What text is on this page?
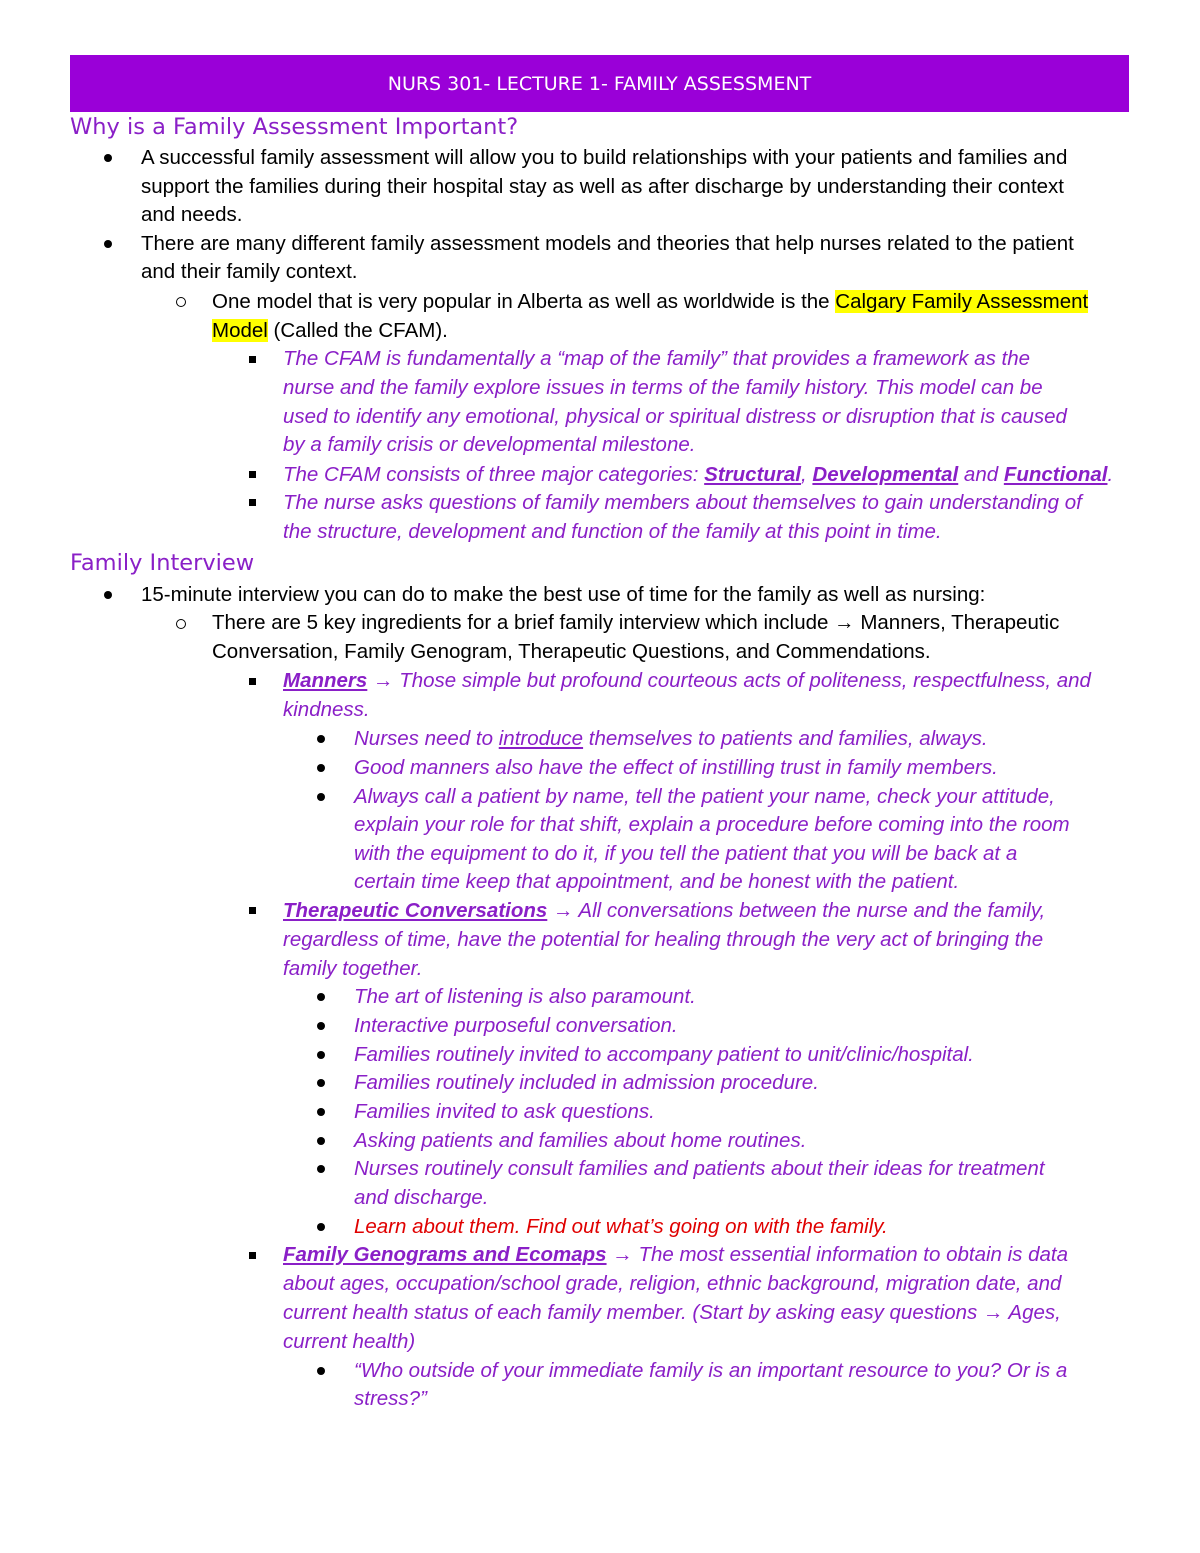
NURS 301- LECTURE 1- FAMILY ASSESSMENT
Why is a Family Assessment Important?
A successful family assessment will allow you to build relationships with your patients and families and
support the families during their hospital stay as well as after discharge by understanding their context
and needs.
There are many different family assessment models and theories that help nurses related to the patient
and their family context.
One model that is very popular in Alberta as well as worldwide is the Calgary Family Assessment
Model (Called the CFAM).
The CFAM is fundamentally a “map of the family” that provides a framework as the
nurse and the family explore issues in terms of the family history. This model can be
used to identify any emotional, physical or spiritual distress or disruption that is caused
by a family crisis or developmental milestone.
The CFAM consists of three major categories: Structural, Developmental and Functional.
The nurse asks questions of family members about themselves to gain understanding of
the structure, development and function of the family at this point in time.
Family Interview
15-minute interview you can do to make the best use of time for the family as well as nursing:
There are 5 key ingredients for a brief family interview which include → Manners, Therapeutic
Conversation, Family Genogram, Therapeutic Questions, and Commendations.
Manners → Those simple but profound courteous acts of politeness, respectfulness, and
kindness.
Nurses need to introduce themselves to patients and families, always.
Good manners also have the effect of instilling trust in family members.
Always call a patient by name, tell the patient your name, check your attitude,
explain your role for that shift, explain a procedure before coming into the room
with the equipment to do it, if you tell the patient that you will be back at a
certain time keep that appointment, and be honest with the patient.
Therapeutic Conversations → All conversations between the nurse and the family,
regardless of time, have the potential for healing through the very act of bringing the
family together.
The art of listening is also paramount.
Interactive purposeful conversation.
Families routinely invited to accompany patient to unit/clinic/hospital.
Families routinely included in admission procedure.
Families invited to ask questions.
Asking patients and families about home routines.
Nurses routinely consult families and patients about their ideas for treatment
and discharge.
Learn about them. Find out what’s going on with the family.
Family Genograms and Ecomaps → The most essential information to obtain is data
about ages, occupation/school grade, religion, ethnic background, migration date, and
current health status of each family member. (Start by asking easy questions → Ages,
current health)
“Who outside of your immediate family is an important resource to you? Or is a
stress?”
